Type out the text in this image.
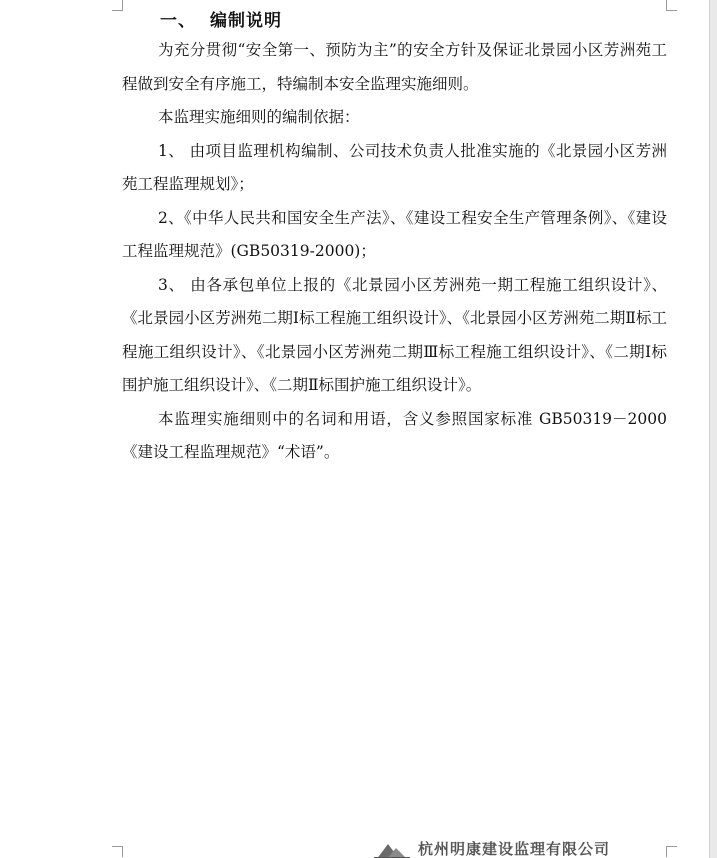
一、 编制说明

为充分贯彻“安全第一、预防为主”的安全方针及保证北景园小区芳洲苑工程做到安全有序施工，特编制本安全监理实施细则。

本监理实施细则的编制依据：

1、 由项目监理机构编制、公司技术负责人批准实施的《北景园小区芳洲苑工程监理规划》；

2、《中华人民共和国安全生产法》、《建设工程安全生产管理条例》、《建设工程监理规范》(GB50319-2000)；

3、 由各承包单位上报的《北景园小区芳洲苑一期工程施工组织设计》、《北景园小区芳洲苑二期Ⅰ标工程施工组织设计》、《北景园小区芳洲苑二期Ⅱ标工程施工组织设计》、《北景园小区芳洲苑二期Ⅲ标工程施工组织设计》、《二期Ⅰ标围护施工组织设计》、《二期Ⅱ标围护施工组织设计》。

本监理实施细则中的名词和用语，含义参照国家标准 GB50319－2000《建设工程监理规范》“术语”。

杭州明康建设监理有限公司
